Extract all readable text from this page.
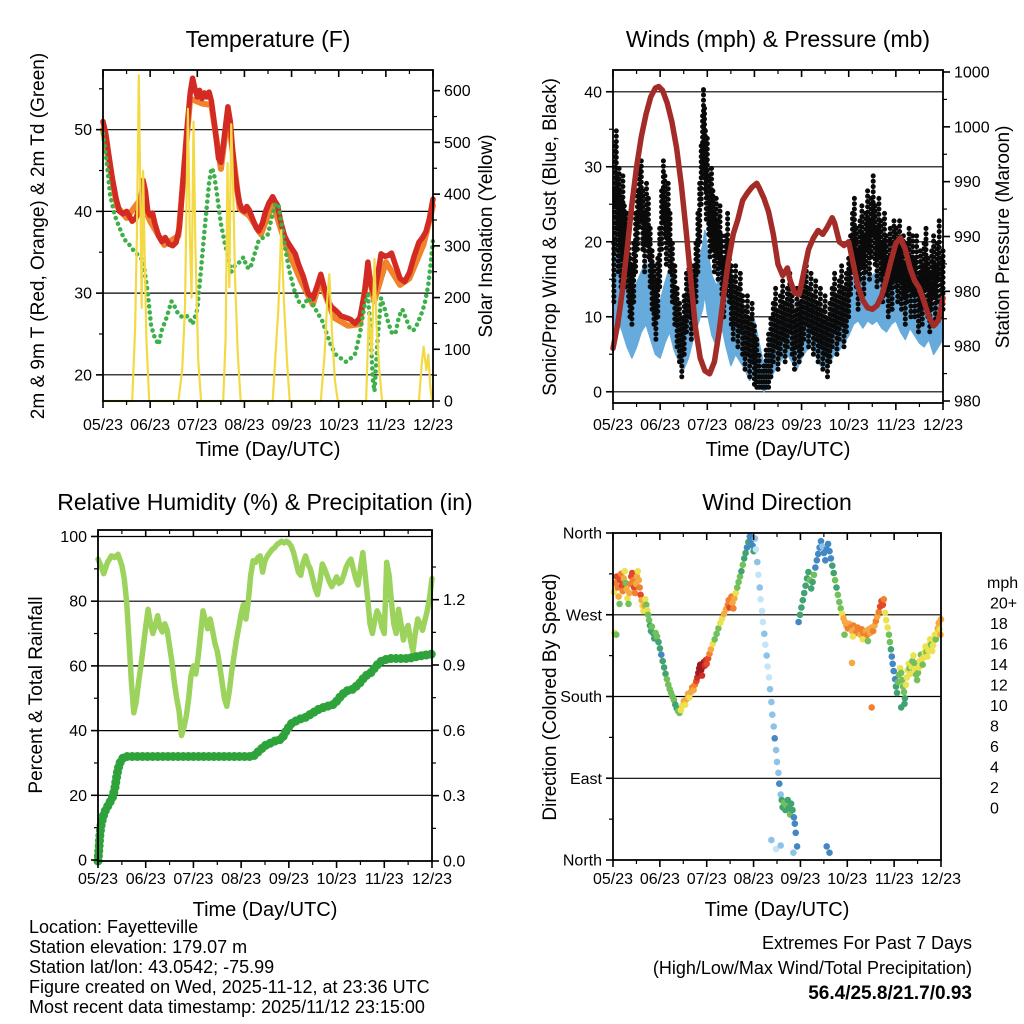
Temperature (F)
2m & 9m T (Red, Orange) & 2m Td (Green)	Solar Insolation (Yellow)
Time (Day/UTC)
05/23 06/23 07/23 08/23 09/23 10/23 11/23 12/23
20
30
40
50
0
100
200
300
400
500
600
Winds (mph) & Pressure (mb)
Sonic/Prop Wind & Gust (Blue, Black)	Station Pressure (Maroon)
Time (Day/UTC)
05/23 06/23 07/23 08/23 09/23 10/23 11/23 12/23
0
10
20
30
40
1000
1000
990
990
980
980
980
Relative Humidity (%) & Precipitation (in)
Percent & Total Rainfall
Time (Day/UTC)
05/23 06/23 07/23 08/23 09/23 10/23 11/23 12/23
0
20
40
60
80
100
0.0
0.3
0.6
0.9
1.2
Wind Direction
Direction (Colored By Speed)
Time (Day/UTC)
05/23 06/23 07/23 08/23 09/23 10/23 11/23 12/23
North
East
South
West
North
20+
18
16
14
12
10
8
6
4
2
0
mph
Location: Fayetteville
Station elevation: 179.07 m
Station lat/lon: 43.0542; -75.99
Figure created on Wed, 2025-11-12, at 23:36 UTC
Most recent data timestamp: 2025/11/12 23:15:00
Extremes For Past 7 Days
(High/Low/Max Wind/Total Precipitation)
56.4/25.8/21.7/0.93
